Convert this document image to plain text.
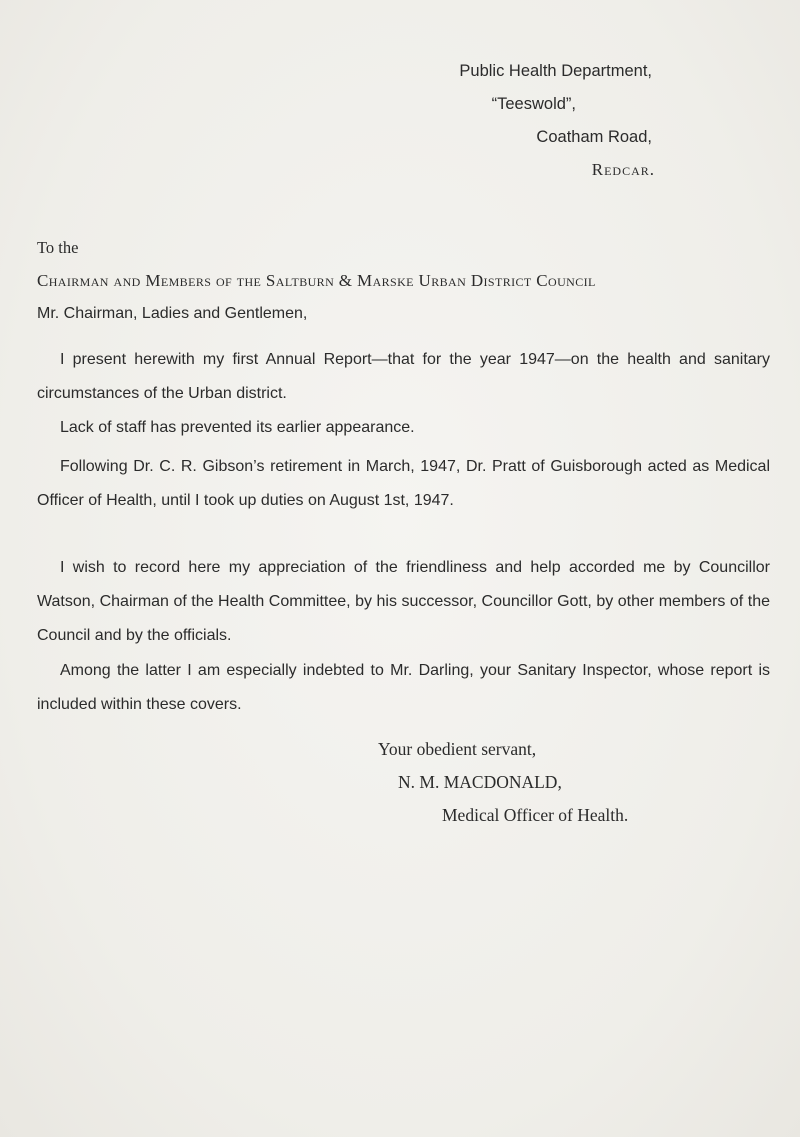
Public Health Department,
“Teeswold”,
Coatham Road,
Redcar.
To the
Chairman and Members of the Saltburn & Marske Urban District Council
Mr. Chairman, Ladies and Gentlemen,
I present herewith my first Annual Report—that for the year 1947—on the health and sanitary circumstances of the Urban district.
Lack of staff has prevented its earlier appearance.
Following Dr. C. R. Gibson’s retirement in March, 1947, Dr. Pratt of Guisborough acted as Medical Officer of Health, until I took up duties on August 1st, 1947.
I wish to record here my appreciation of the friendliness and help accorded me by Councillor Watson, Chairman of the Health Committee, by his successor, Councillor Gott, by other members of the Council and by the officials.
Among the latter I am especially indebted to Mr. Darling, your Sanitary Inspector, whose report is included within these covers.
Your obedient servant,
N. M. MACDONALD,
Medical Officer of Health.
